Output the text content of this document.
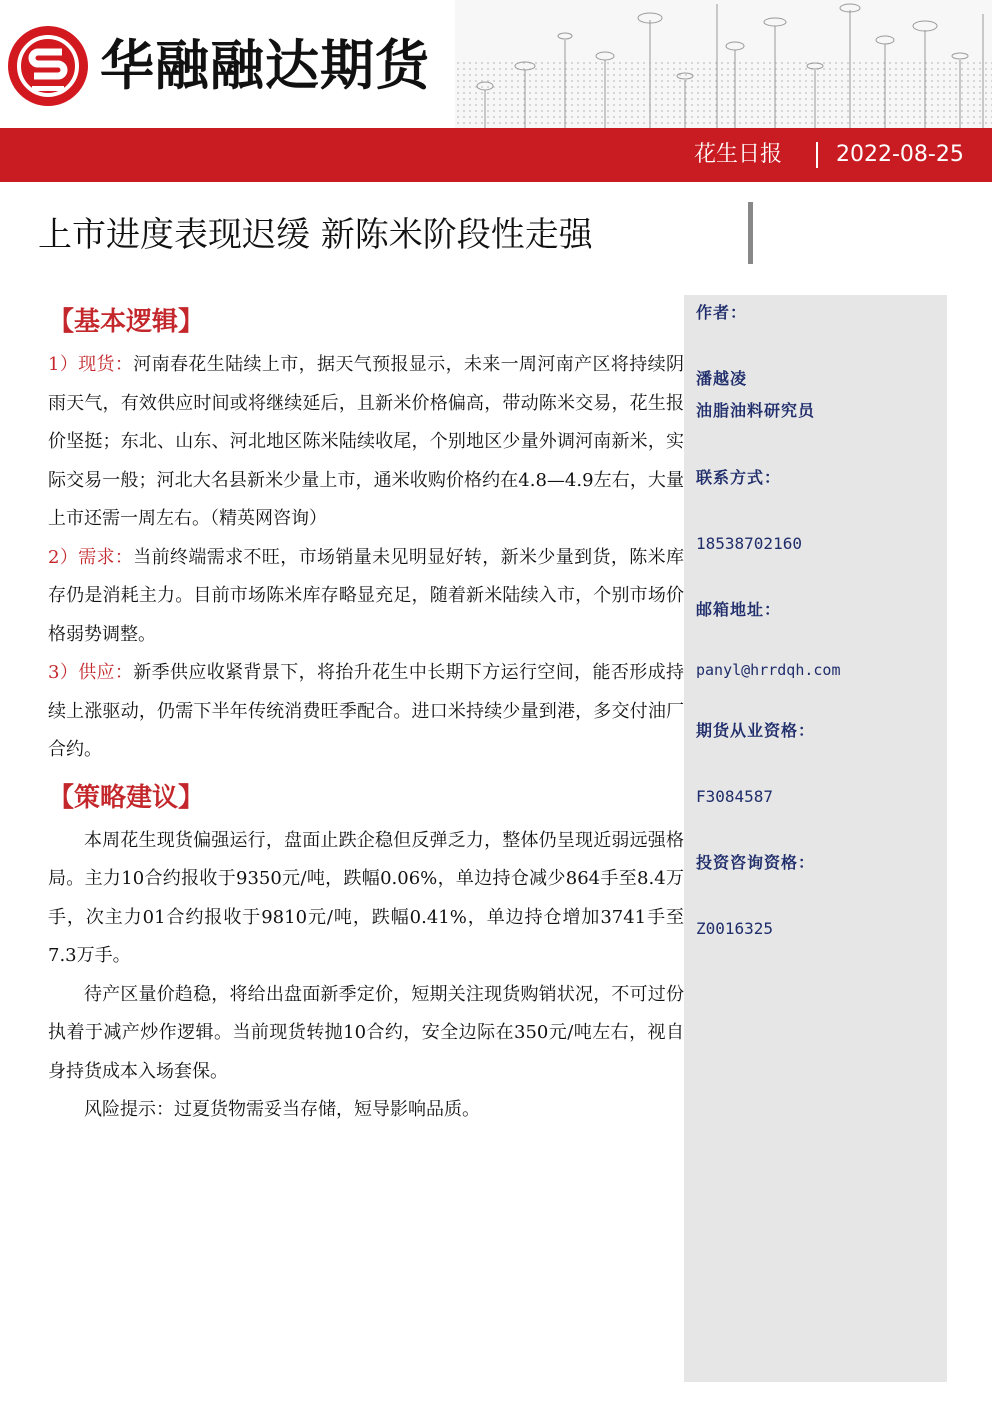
华融融达期货
花生日报 2022-08-25
上市进度表现迟缓 新陈米阶段性走强
作者：
潘越凌
油脂油料研究员
联系方式：
18538702160
邮箱地址：
panyl@hrrdqh.com
期货从业资格：
F3084587
投资咨询资格：
Z0016325
【基本逻辑】

1）现货：河南春花生陆续上市，据天气预报显示，未来一周河南产区将持续阴雨天气，有效供应时间或将继续延后，且新米价格偏高，带动陈米交易，花生报价坚挺；东北、山东、河北地区陈米陆续收尾，个别地区少量外调河南新米，实际交易一般；河北大名县新米少量上市，通米收购价格约在4.8—4.9左右，大量上市还需一周左右。（精英网咨询）

2）需求：当前终端需求不旺，市场销量未见明显好转，新米少量到货，陈米库存仍是消耗主力。目前市场陈米库存略显充足，随着新米陆续入市，个别市场价格弱势调整。

3）供应：新季供应收紧背景下，将抬升花生中长期下方运行空间，能否形成持续上涨驱动，仍需下半年传统消费旺季配合。进口米持续少量到港，多交付油厂合约。

【策略建议】

本周花生现货偏强运行，盘面止跌企稳但反弹乏力，整体仍呈现近弱远强格局。主力10合约报收于9350元/吨，跌幅0.06%，单边持仓减少864手至8.4万手，次主力01合约报收于9810元/吨，跌幅0.41%，单边持仓增加3741手至7.3万手。

待产区量价趋稳，将给出盘面新季定价，短期关注现货购销状况，不可过份执着于减产炒作逻辑。当前现货转抛10合约，安全边际在350元/吨左右，视自身持货成本入场套保。

风险提示：过夏货物需妥当存储，短导影响品质。
